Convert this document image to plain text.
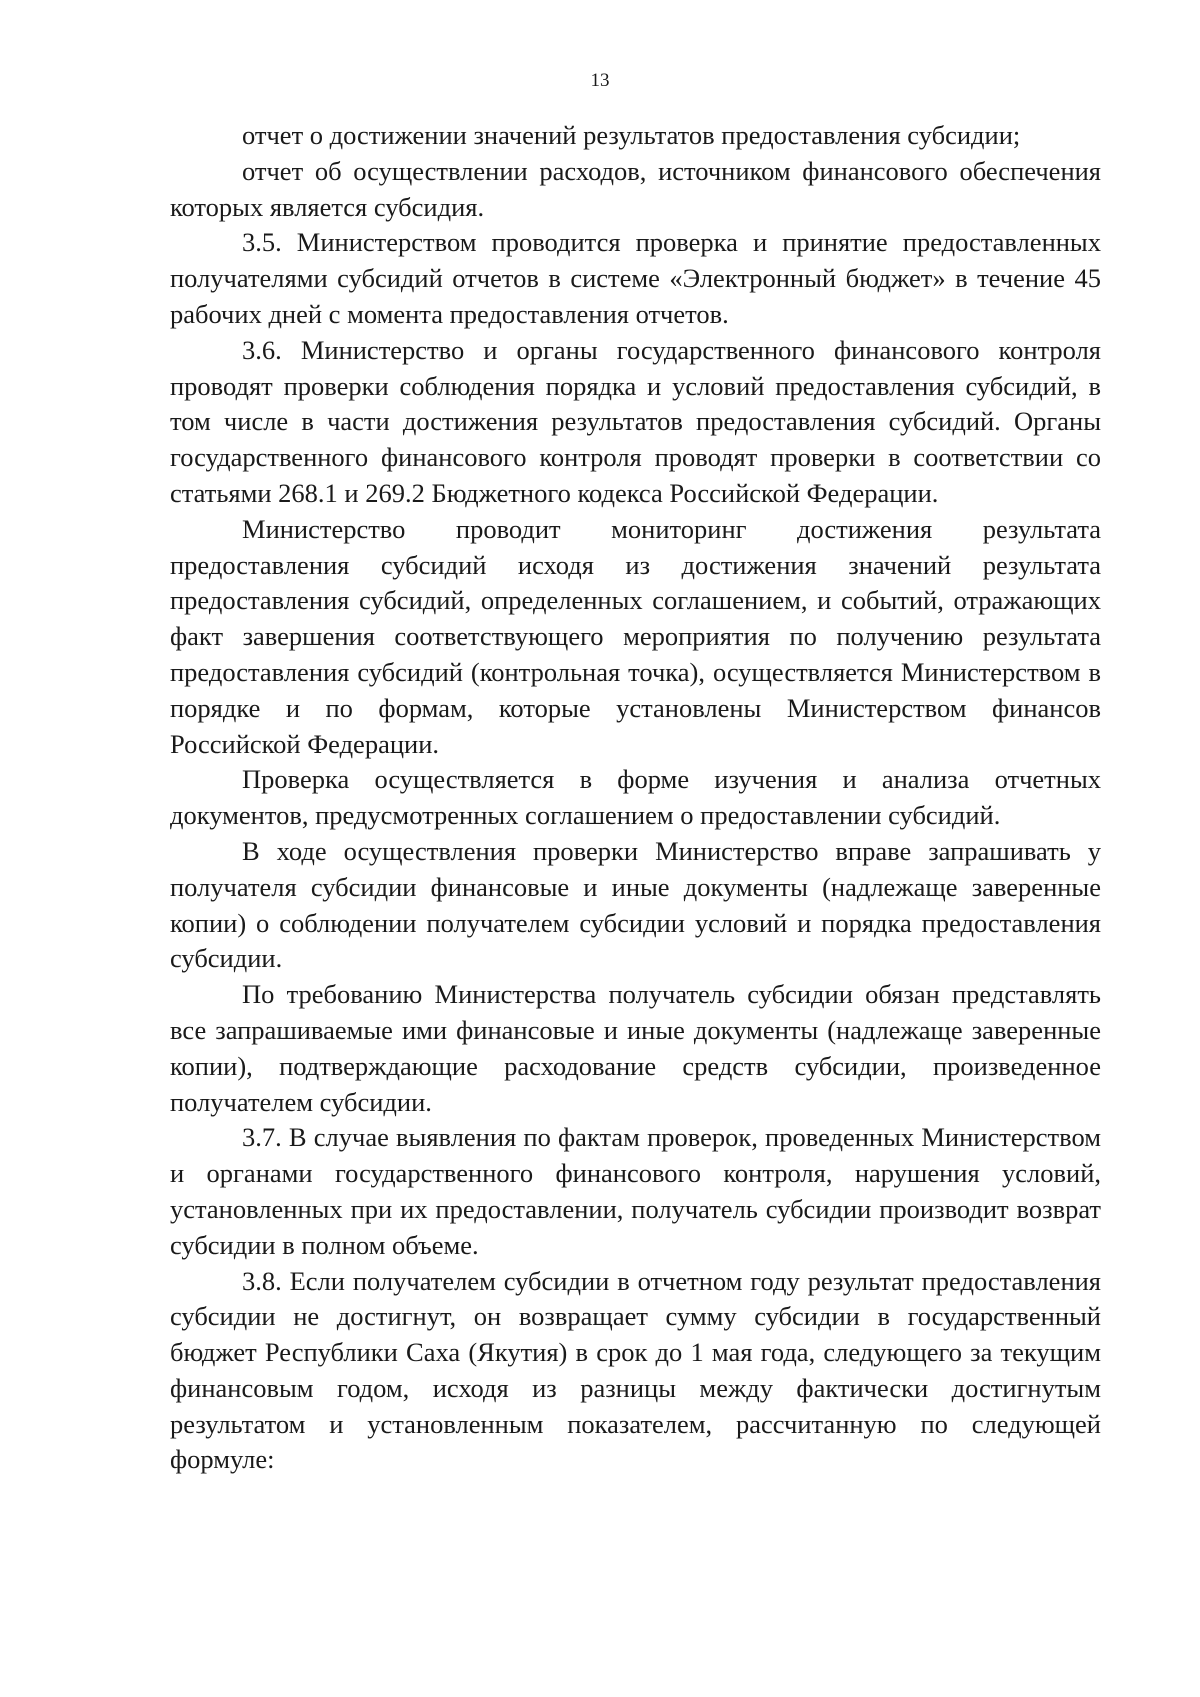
13

отчет о достижении значений результатов предоставления субсидии;

отчет об осуществлении расходов, источником финансового обеспечения которых является субсидия.

3.5. Министерством проводится проверка и принятие предоставленных получателями субсидий отчетов в системе «Электронный бюджет» в течение 45 рабочих дней с момента предоставления отчетов.

3.6. Министерство и органы государственного финансового контроля проводят проверки соблюдения порядка и условий предоставления субсидий, в том числе в части достижения результатов предоставления субсидий. Органы государственного финансового контроля проводят проверки в соответствии со статьями 268.1 и 269.2 Бюджетного кодекса Российской Федерации.

Министерство проводит мониторинг достижения результата предоставления субсидий исходя из достижения значений результата предоставления субсидий, определенных соглашением, и событий, отражающих факт завершения соответствующего мероприятия по получению результата предоставления субсидий (контрольная точка), осуществляется Министерством в порядке и по формам, которые установлены Министерством финансов Российской Федерации.

Проверка осуществляется в форме изучения и анализа отчетных документов, предусмотренных соглашением о предоставлении субсидий.

В ходе осуществления проверки Министерство вправе запрашивать у получателя субсидии финансовые и иные документы (надлежаще заверенные копии) о соблюдении получателем субсидии условий и порядка предоставления субсидии.

По требованию Министерства получатель субсидии обязан представлять все запрашиваемые ими финансовые и иные документы (надлежаще заверенные копии), подтверждающие расходование средств субсидии, произведенное получателем субсидии.

3.7. В случае выявления по фактам проверок, проведенных Министерством и органами государственного финансового контроля, нарушения условий, установленных при их предоставлении, получатель субсидии производит возврат субсидии в полном объеме.

3.8. Если получателем субсидии в отчетном году результат предоставления субсидии не достигнут, он возвращает сумму субсидии в государственный бюджет Республики Саха (Якутия) в срок до 1 мая года, следующего за текущим финансовым годом, исходя из разницы между фактически достигнутым результатом и установленным показателем, рассчитанную по следующей формуле:
